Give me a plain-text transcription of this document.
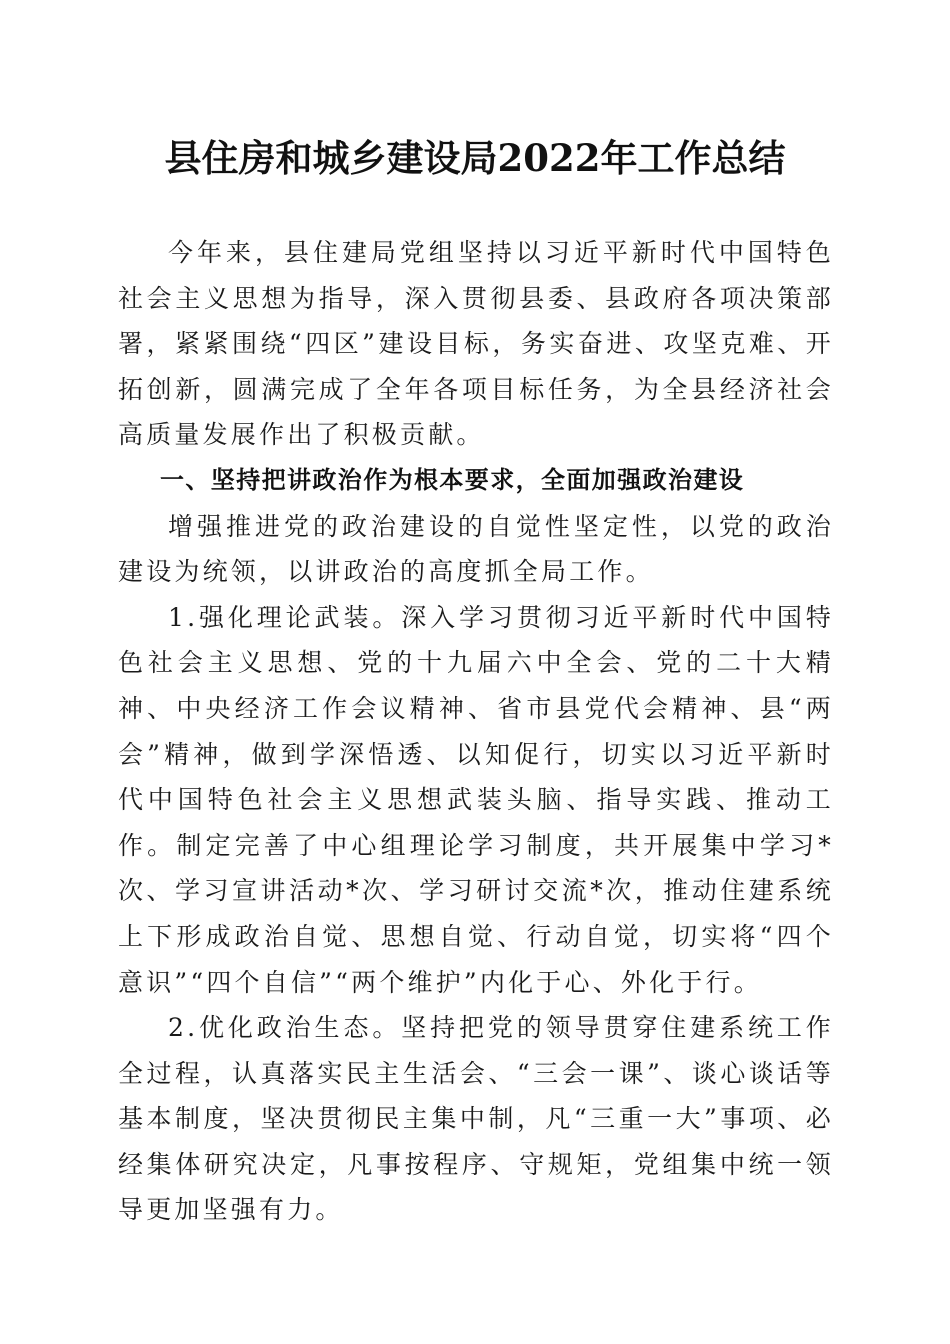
县住房和城乡建设局2022年工作总结

今年来，县住建局党组坚持以习近平新时代中国特色社会主义思想为指导，深入贯彻县委、县政府各项决策部署，紧紧围绕“四区”建设目标，务实奋进、攻坚克难、开拓创新，圆满完成了全年各项目标任务，为全县经济社会高质量发展作出了积极贡献。

一、坚持把讲政治作为根本要求，全面加强政治建设

增强推进党的政治建设的自觉性坚定性，以党的政治建设为统领，以讲政治的高度抓全局工作。

1.强化理论武装。深入学习贯彻习近平新时代中国特色社会主义思想、党的十九届六中全会、党的二十大精神、中央经济工作会议精神、省市县党代会精神、县“两会”精神，做到学深悟透、以知促行，切实以习近平新时代中国特色社会主义思想武装头脑、指导实践、推动工作。制定完善了中心组理论学习制度，共开展集中学习*次、学习宣讲活动*次、学习研讨交流*次，推动住建系统上下形成政治自觉、思想自觉、行动自觉，切实将“四个意识”“四个自信”“两个维护”内化于心、外化于行。

2.优化政治生态。坚持把党的领导贯穿住建系统工作全过程，认真落实民主生活会、“三会一课”、谈心谈话等基本制度，坚决贯彻民主集中制，凡“三重一大”事项、必经集体研究决定，凡事按程序、守规矩，党组集中统一领导更加坚强有力。
